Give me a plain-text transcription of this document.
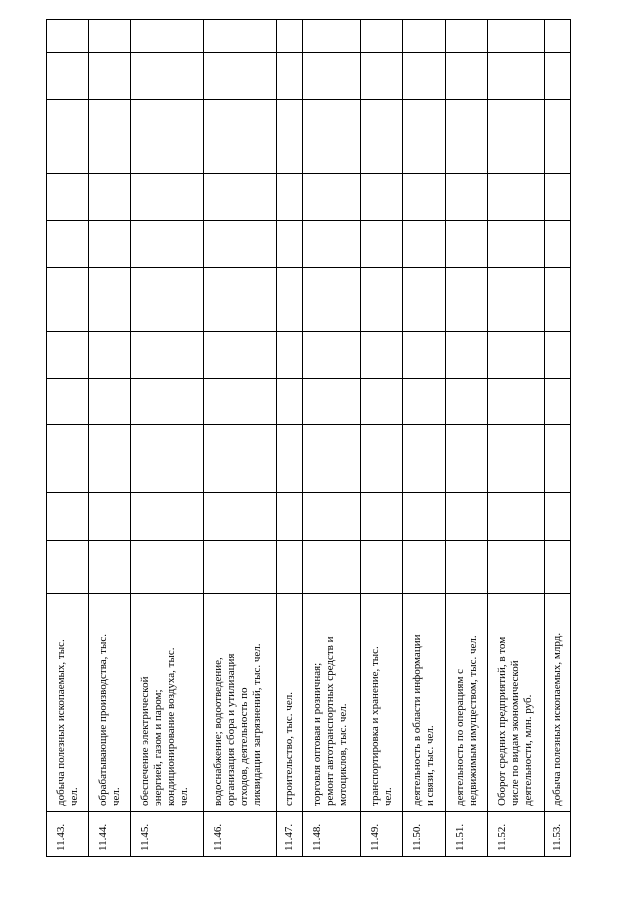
11.43.
добыча полезных ископаемых, тыс.
чел.
11.44.
обрабатывающие производства, тыс.
чел.
11.45.
обеспечение электрической
энергией, газом и паром;
кондиционирование воздуха, тыс.
чел.
11.46.
водоснабжение; водоотведение,
организация сбора и утилизация
отходов, деятельность по
ликвидации загрязнений, тыс. чел.
11.47.
строительство, тыс. чел.
11.48.
торговля оптовая и розничная;
ремонт автотранспортных средств и
мотоциклов, тыс. чел.
11.49.
транспортировка и хранение, тыс.
чел.
11.50.
деятельность в области информации
и связи, тыс. чел.
11.51.
деятельность по операциям с
недвижимым имуществом, тыс. чел.
11.52.
Оборот средних предприятий, в том
числе по видам экономической
деятельности, млн. руб.
11.53.
добыча полезных ископаемых, млрд.
